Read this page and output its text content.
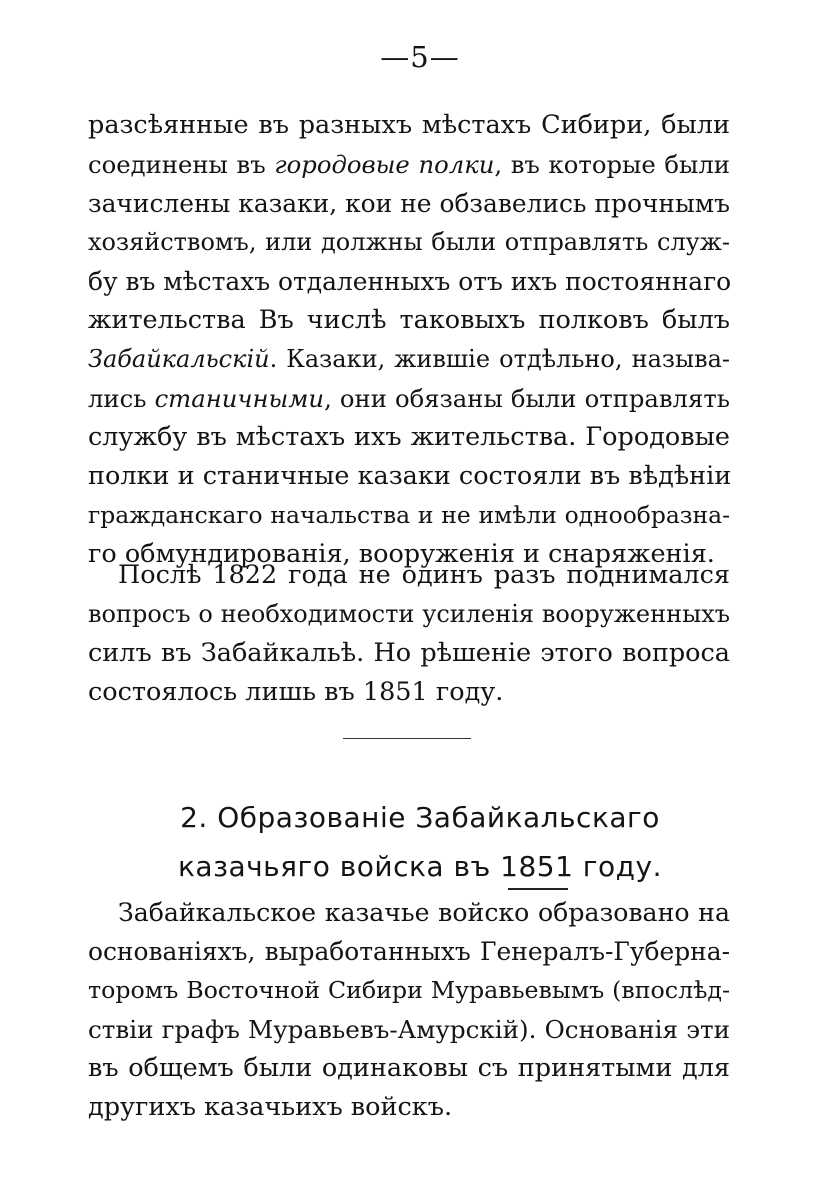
—5—
разсѣянные въ разныхъ мѣстахъ Сибири, были
соединены въ городовые полки, въ которые были
зачислены казаки, кои не обзавелись прочнымъ
хозяйствомъ, или должны были отправлять служ-
бу въ мѣстахъ отдаленныхъ отъ ихъ постояннаго
жительства Въ числѣ таковыхъ полковъ былъ
Забайкальскій. Казаки, жившіе отдѣльно, называ-
лись станичными, они обязаны были отправлять
службу въ мѣстахъ ихъ жительства. Городовые
полки и станичные казаки состояли въ вѣдѣніи
гражданскаго начальства и не имѣли однообразна-
го обмундированія, вооруженія и снаряженія.
Послѣ 1822 года не одинъ разъ поднимался
вопросъ о необходимости усиленія вооруженныхъ
силъ въ Забайкальѣ. Но рѣшеніе этого вопроса
состоялось лишь въ 1851 году.
2. Образованіе Забайкальскаго
казачьяго войска въ 1851 году.
Забайкальское казачье войско образовано на
основаніяхъ, выработанныхъ Генералъ-Губерна-
торомъ Восточной Сибири Муравьевымъ (впослѣд-
ствіи графъ Муравьевъ-Амурскій). Основанія эти
въ общемъ были одинаковы съ принятыми для
другихъ казачьихъ войскъ.
